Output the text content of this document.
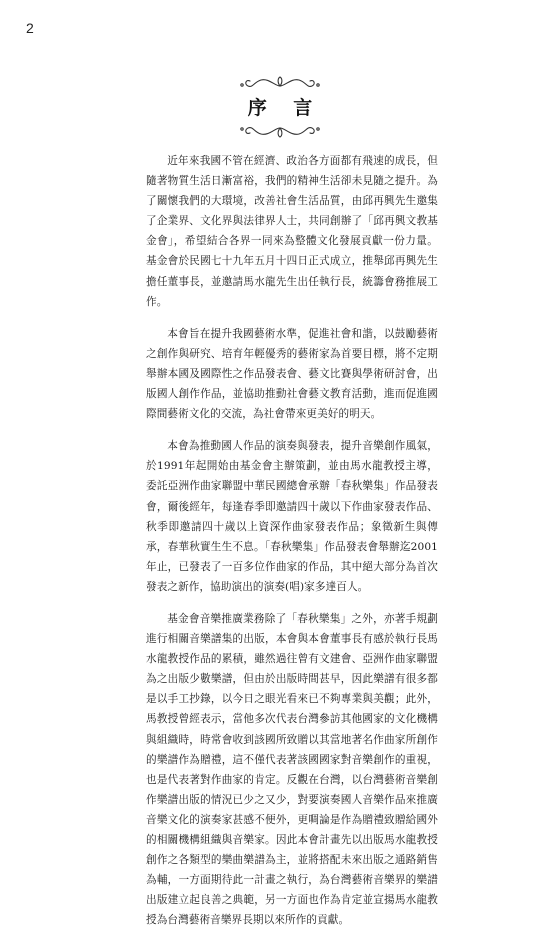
2
序 言

近年來我國不管在經濟、政治各方面都有飛速的成長，但隨著物質生活日漸富裕，我們的精神生活卻未見隨之提升。為了關懷我們的大環境，改善社會生活品質，由邱再興先生邀集了企業界、文化界與法律界人士，共同創辦了「邱再興文教基金會」，希望結合各界一同來為整體文化發展貢獻一份力量。基金會於民國七十九年五月十四日正式成立，推舉邱再興先生擔任董事長，並邀請馬水龍先生出任執行長，統籌會務推展工作。

本會旨在提升我國藝術水準，促進社會和諧，以鼓勵藝術之創作與研究、培育年輕優秀的藝術家為首要目標，將不定期舉辦本國及國際性之作品發表會、藝文比賽與學術研討會，出版國人創作作品，並協助推動社會藝文教育活動，進而促進國際間藝術文化的交流，為社會帶來更美好的明天。

本會為推動國人作品的演奏與發表，提升音樂創作風氣，於1991年起開始由基金會主辦策劃，並由馬水龍教授主導，委託亞洲作曲家聯盟中華民國總會承辦「春秋樂集」作品發表會，爾後經年，每逢春季即邀請四十歲以下作曲家發表作品、秋季即邀請四十歲以上資深作曲家發表作品；象徵新生與傳承，春華秋實生生不息。「春秋樂集」作品發表會舉辦迄2001年止，已發表了一百多位作曲家的作品，其中絕大部分為首次發表之新作，協助演出的演奏(唱)家多達百人。

基金會音樂推廣業務除了「春秋樂集」之外，亦著手規劃進行相關音樂譜集的出版，本會與本會董事長有感於執行長馬水龍教授作品的累積，雖然過往曾有文建會、亞洲作曲家聯盟為之出版少數樂譜，但由於出版時間甚早，因此樂譜有很多都是以手工抄錄，以今日之眼光看來已不夠專業與美觀；此外，馬教授曾經表示，當他多次代表台灣參訪其他國家的文化機構與組織時，時常會收到該國所致贈以其當地著名作曲家所創作的樂譜作為贈禮，這不僅代表著該國國家對音樂創作的重視，也是代表著對作曲家的肯定。反觀在台灣，以台灣藝術音樂創作樂譜出版的情況已少之又少，對要演奏國人音樂作品來推廣音樂文化的演奏家甚感不便外，更啁論是作為贈禮致贈給國外的相關機構組織與音樂家。因此本會計畫先以出版馬水龍教授創作之各類型的樂曲樂譜為主，並將搭配未來出版之通路銷售為輔，一方面期待此一計畫之執行，為台灣藝術音樂界的樂譜出版建立起良善之典範，另一方面也作為肯定並宣揚馬水龍教授為台灣藝術音樂界長期以來所作的貢獻。
